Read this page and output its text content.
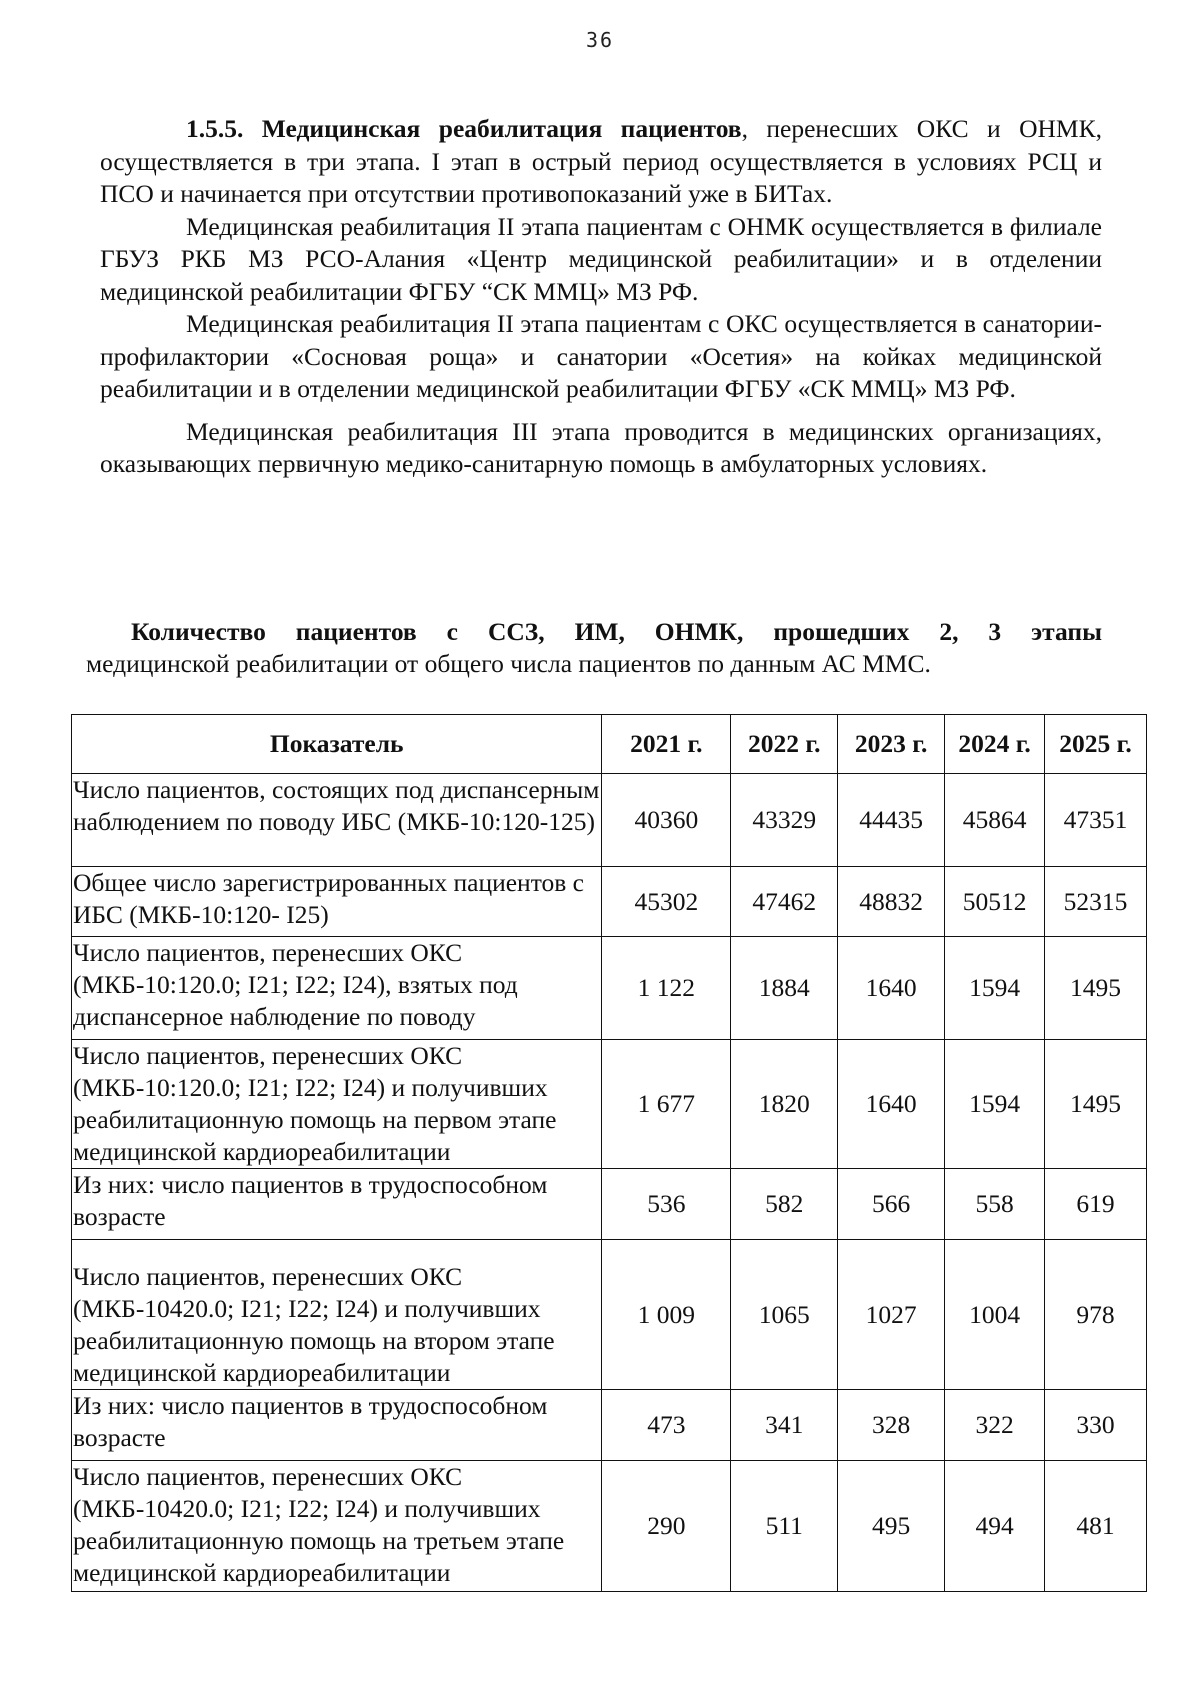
36

1.5.5. Медицинская реабилитация пациентов, перенесших ОКС и ОНМК, осуществляется в три этапа. I этап в острый период осуществляется в условиях РСЦ и ПСО и начинается при отсутствии противопоказаний уже в БИТах.

Медицинская реабилитация II этапа пациентам с ОНМК осуществляется в филиале ГБУЗ РКБ МЗ РСО-Алания «Центр медицинской реабилитации» и в отделении медицинской реабилитации ФГБУ “СК ММЦ» МЗ РФ.

Медицинская реабилитация II этапа пациентам с ОКС осуществляется в санатории-профилактории «Сосновая роща» и санатории «Осетия» на койках медицинской реабилитации и в отделении медицинской реабилитации ФГБУ «СК ММЦ» МЗ РФ.

Медицинская реабилитация III этапа проводится в медицинских организациях, оказывающих первичную медико-санитарную помощь в амбулаторных условиях.

Количество пациентов с ССЗ, ИМ, ОНМК, прошедших 2, 3 этапы
медицинской реабилитации от общего числа пациентов по данным АС ММС.
Показатель	2021 г.	2022 г.	2023 г.	2024 г.	2025 г.
Число пациентов, состоящих под диспансерным наблюдением по поводу ИБС (МКБ-10:120-125)	40360	43329	44435	45864	47351
Общее число зарегистрированных пациентов с ИБС (МКБ-10:120- I25)	45302	47462	48832	50512	52315
Число пациентов, перенесших ОКС (МКБ-10:120.0; I21; I22; I24), взятых под диспансерное наблюдение по поводу	1 122	1884	1640	1594	1495
Число пациентов, перенесших ОКС (МКБ-10:120.0; I21; I22; I24) и получивших реабилитационную помощь на первом этапе медицинской кардиореабилитации	1 677	1820	1640	1594	1495
Из них: число пациентов в трудоспособном возрасте	536	582	566	558	619
Число пациентов, перенесших ОКС (МКБ-10420.0; I21; I22; I24) и получивших реабилитационную помощь на втором этапе медицинской кардиореабилитации	1 009	1065	1027	1004	978
Из них: число пациентов в трудоспособном возрасте	473	341	328	322	330
Число пациентов, перенесших ОКС (МКБ-10420.0; I21; I22; I24) и получивших реабилитационную помощь на третьем этапе медицинской кардиореабилитации	290	511	495	494	481
